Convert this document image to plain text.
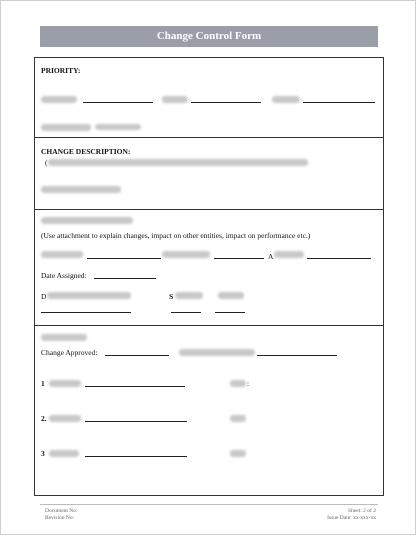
Change Control Form
PRIORITY:
CHANGE DESCRIPTION:
(
(Use attachment to explain changes, impact on other entities, impact on performance etc.)
A
Date Assigned:
D	S
Change Approved:
1	:
2.
3
Document No:
Revision No:
Sheet: 2 of 2
Issue Date: xx-xxx-xx
